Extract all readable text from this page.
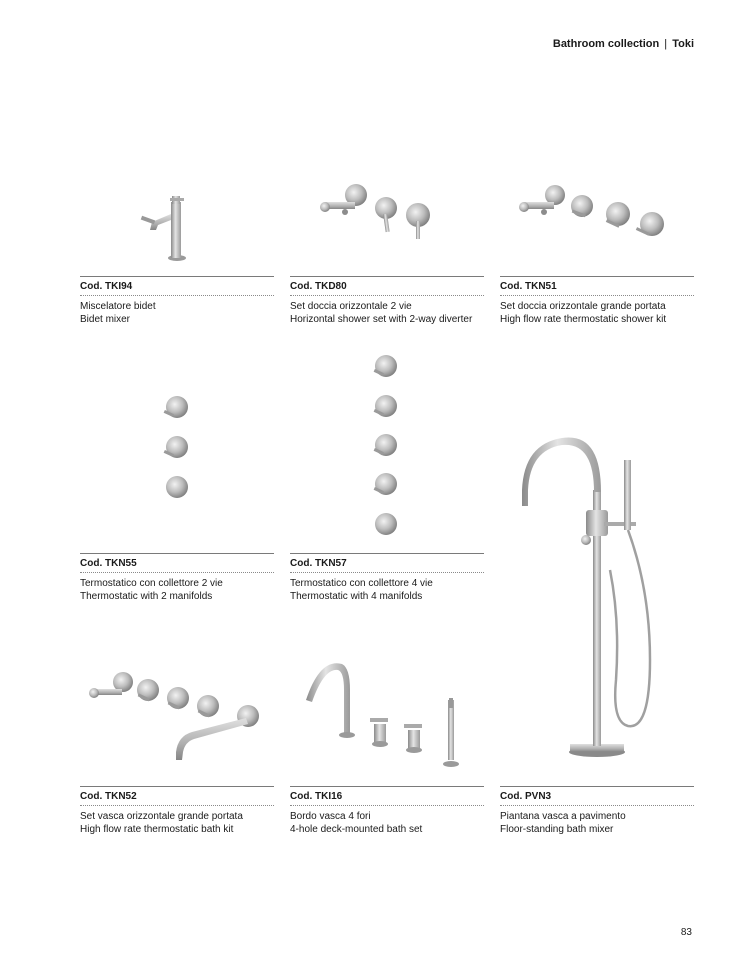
Bathroom collection | Toki
Cod. TKI94
Miscelatore bidet
Bidet mixer
Cod. TKD80
Set doccia orizzontale 2 vie
Horizontal shower set with 2-way diverter
Cod. TKN51
Set doccia orizzontale grande portata
High flow rate thermostatic shower kit
Cod. TKN55
Termostatico con collettore 2 vie
Thermostatic with 2 manifolds
Cod. TKN57
Termostatico con collettore 4 vie
Thermostatic with 4 manifolds
Cod. TKN52
Set vasca orizzontale grande portata
High flow rate thermostatic bath kit
Cod. TKI16
Bordo vasca 4 fori
4-hole deck-mounted bath set
Cod. PVN3
Piantana vasca a pavimento
Floor-standing bath mixer
83
